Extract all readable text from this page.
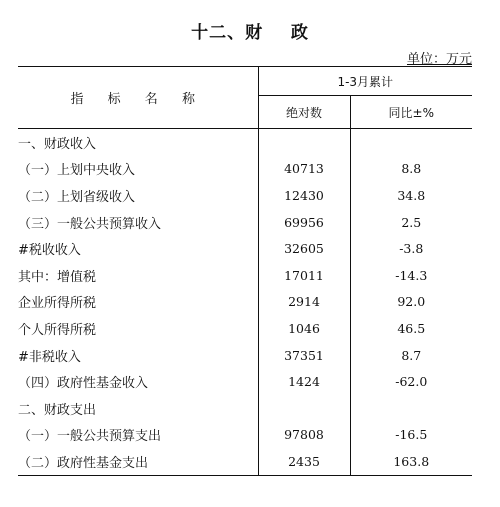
十二、财    政
单位：万元
指 标 名 称	1-3月累计	
	绝对数	同比±%
一、财政收入		
（一）上划中央收入	40713	8.8
（二）上划省级收入	12430	34.8
（三）一般公共预算收入	69956	2.5
#税收收入	32605	-3.8
其中：增值税	17011	-14.3
企业所得所税	2914	92.0
个人所得所税	1046	46.5
#非税收入	37351	8.7
（四）政府性基金收入	1424	-62.0
二、财政支出		
（一）一般公共预算支出	97808	-16.5
（二）政府性基金支出	2435	163.8
